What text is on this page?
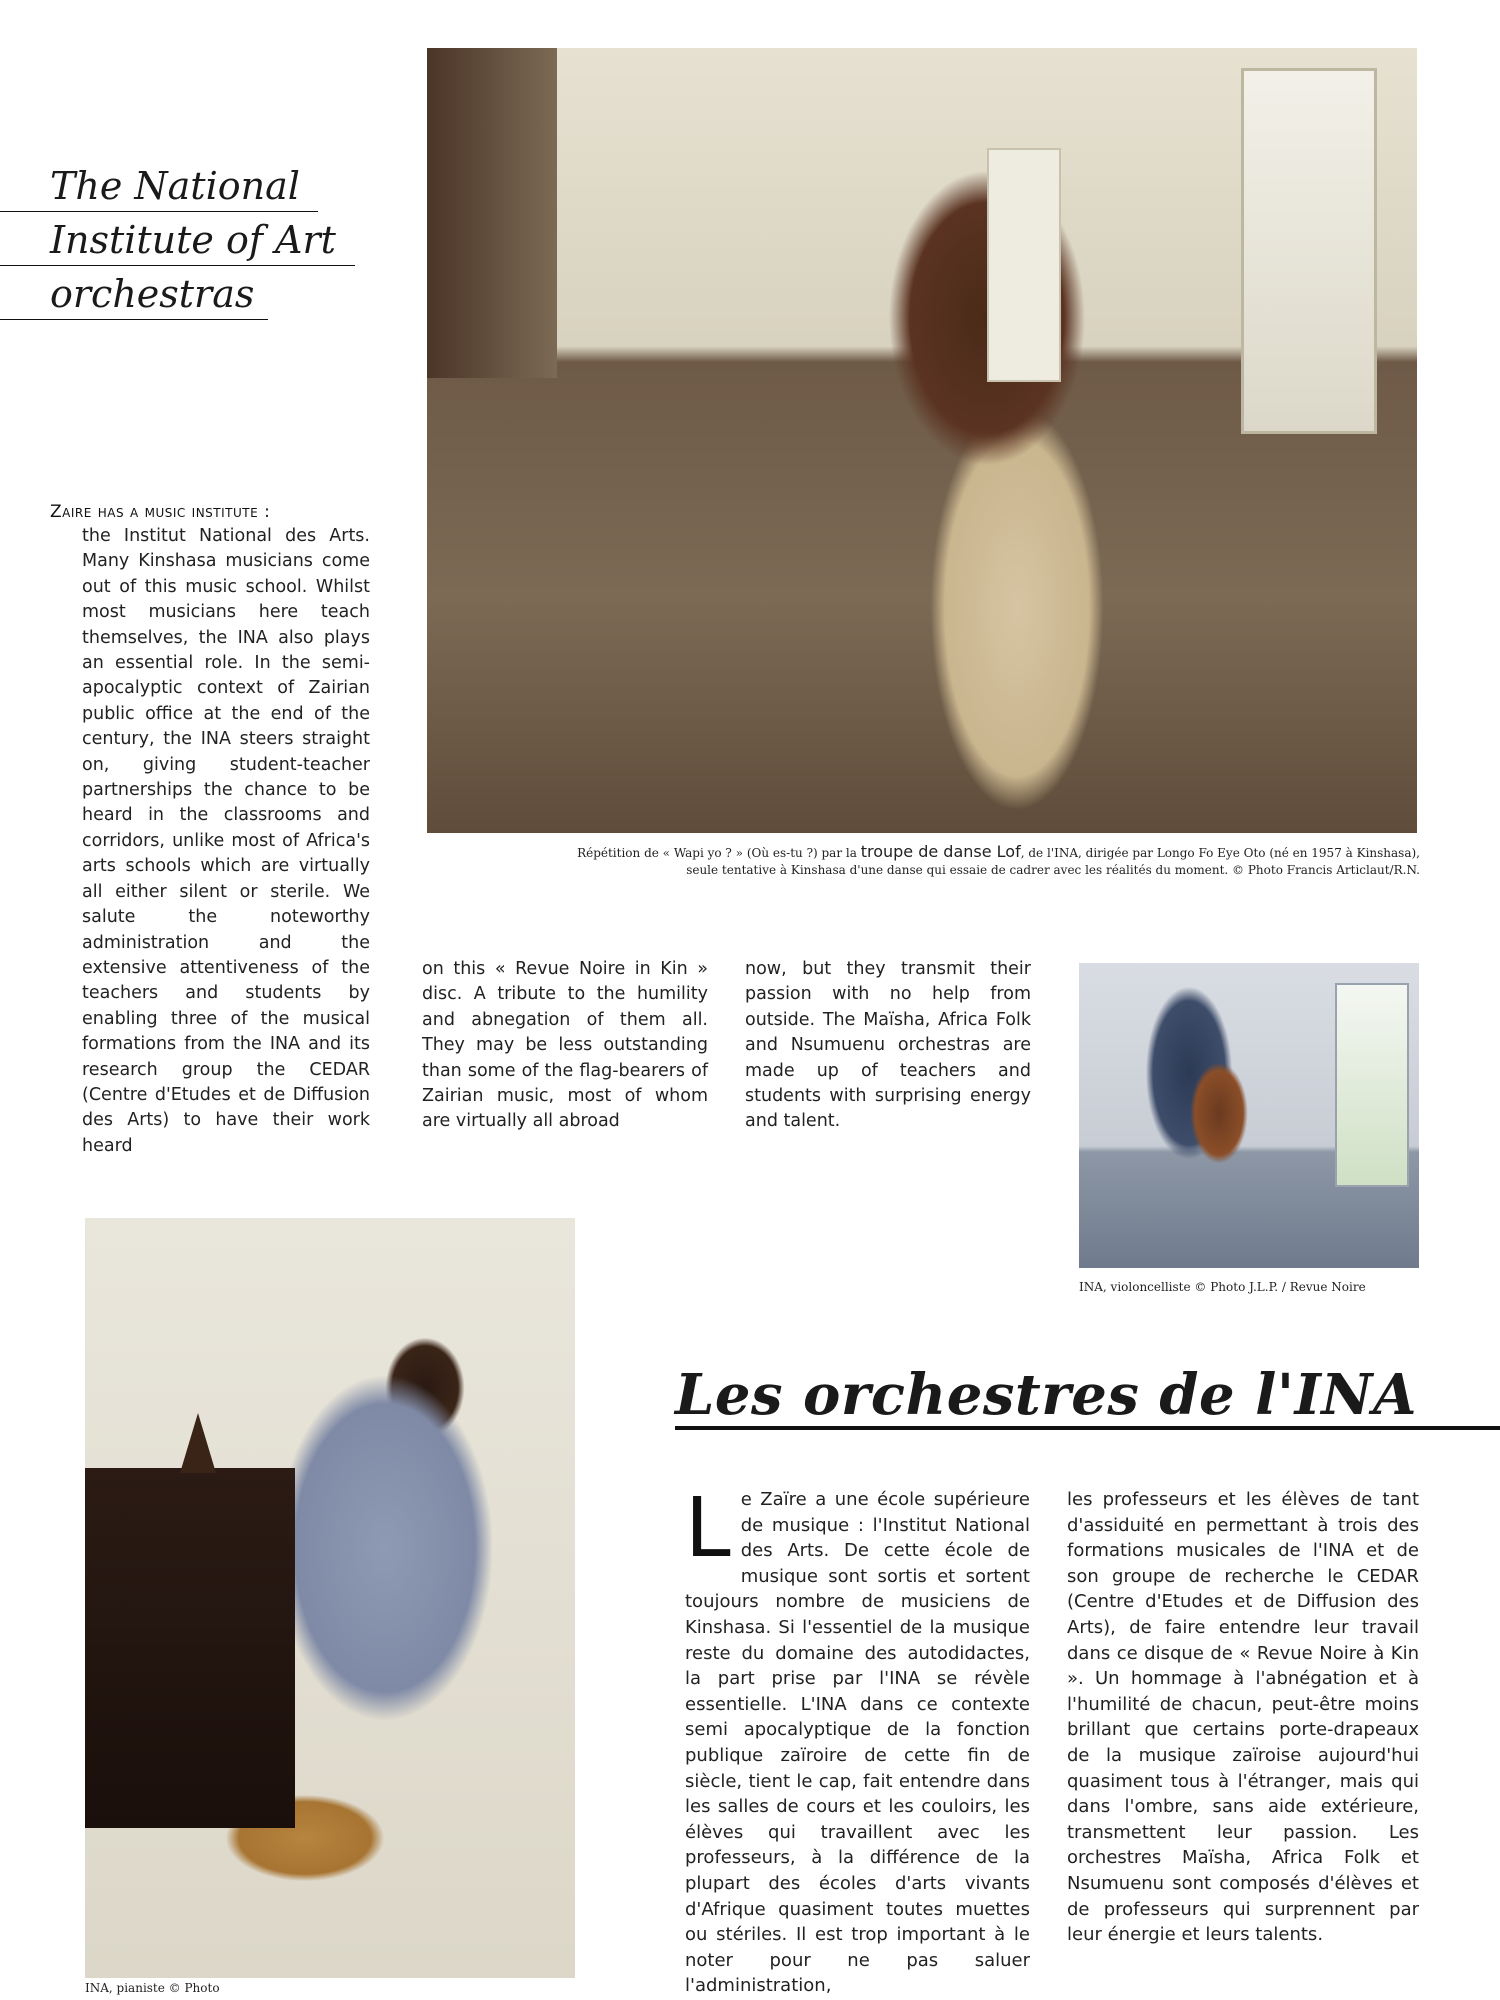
The National
Institute of Art
orchestras
Répétition de « Wapi yo ? » (Où es-tu ?) par la troupe de danse Lof, de l'INA, dirigée par Longo Fo Eye Oto (né en 1957 à Kinshasa),
seule tentative à Kinshasa d'une danse qui essaie de cadrer avec les réalités du moment. © Photo Francis Articlaut/R.N.
Zaire has a music institute :
the Institut National des Arts. Many Kinshasa musicians come out of this music school. Whilst most musicians here teach themselves, the INA also plays an essential role. In the semi-apocalyptic context of Zairian public office at the end of the century, the INA steers straight on, giving student-teacher partnerships the chance to be heard in the classrooms and corridors, unlike most of Africa's arts schools which are virtually all either silent or sterile. We salute the noteworthy administration and the extensive attentiveness of the teachers and students by enabling three of the musical formations from the INA and its research group the CEDAR (Centre d'Etudes et de Diffusion des Arts) to have their work heard
on this « Revue Noire in Kin » disc. A tribute to the humility and abnegation of them all. They may be less outstanding than some of the flag-bearers of Zairian music, most of whom are virtually all abroad
now, but they transmit their passion with no help from outside. The Maïsha, Africa Folk and Nsumuenu orchestras are made up of teachers and students with surprising energy and talent.
INA, violoncelliste © Photo J.L.P. / Revue Noire
INA, pianiste © Photo
Les orchestres de l'INA
Le Zaïre a une école supérieure de musique : l'Institut National des Arts. De cette école de musique sont sortis et sortent toujours nombre de musiciens de Kinshasa. Si l'essentiel de la musique reste du domaine des autodidactes, la part prise par l'INA se révèle essentielle. L'INA dans ce contexte semi apocalyptique de la fonction publique zaïroire de cette fin de siècle, tient le cap, fait entendre dans les salles de cours et les couloirs, les élèves qui travaillent avec les professeurs, à la différence de la plupart des écoles d'arts vivants d'Afrique quasiment toutes muettes ou stériles. Il est trop important à le noter pour ne pas saluer l'administration,
les professeurs et les élèves de tant d'assiduité en permettant à trois des formations musicales de l'INA et de son groupe de recherche le CEDAR (Centre d'Etudes et de Diffusion des Arts), de faire entendre leur travail dans ce disque de « Revue Noire à Kin ». Un hommage à l'abnégation et à l'humilité de chacun, peut-être moins brillant que certains porte-drapeaux de la musique zaïroise aujourd'hui quasiment tous à l'étranger, mais qui dans l'ombre, sans aide extérieure, transmettent leur passion. Les orchestres Maïsha, Africa Folk et Nsumuenu sont composés d'élèves et de professeurs qui surprennent par leur énergie et leurs talents.
